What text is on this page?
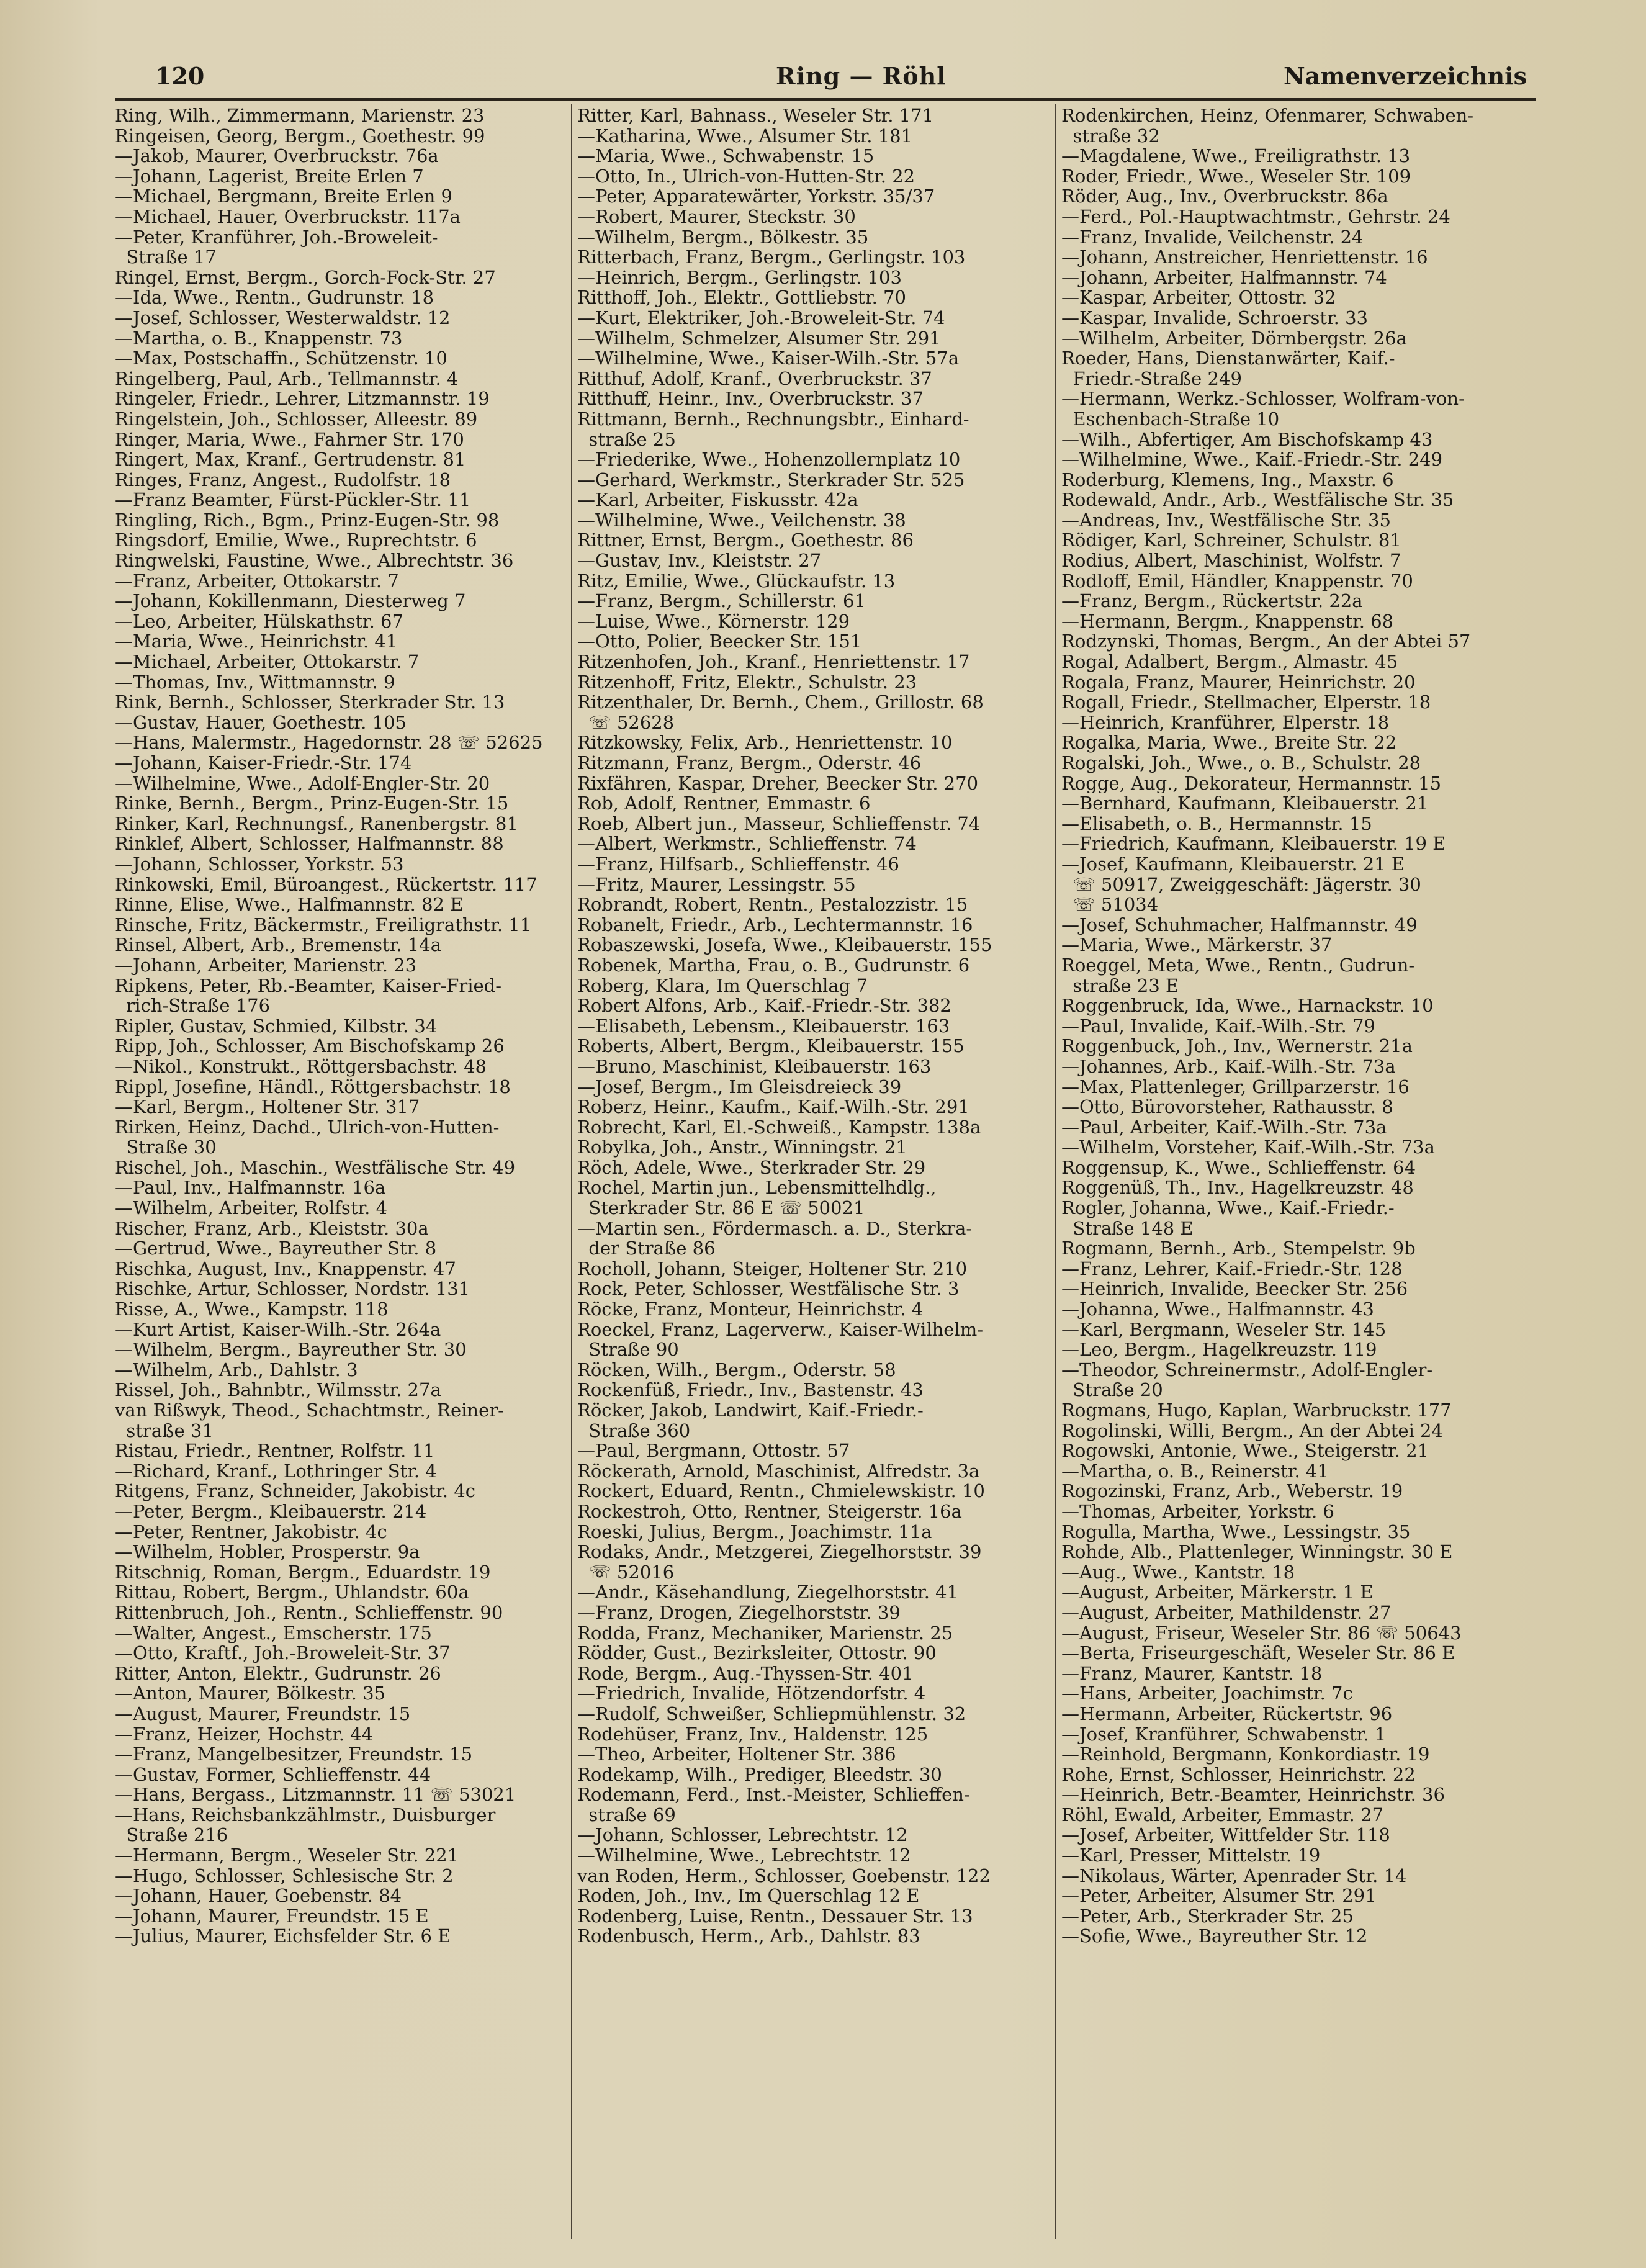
120	Ring — Röhl	Namenverzeichnis
Ring, Wilh., Zimmermann, Marienstr. 23
Ringeisen, Georg, Bergm., Goethestr. 99
—Jakob, Maurer, Overbruckstr. 76a
—Johann, Lagerist, Breite Erlen 7
—Michael, Bergmann, Breite Erlen 9
—Michael, Hauer, Overbruckstr. 117a
—Peter, Kranführer, Joh.-Broweleit-
Straße 17
Ringel, Ernst, Bergm., Gorch-Fock-Str. 27
—Ida, Wwe., Rentn., Gudrunstr. 18
—Josef, Schlosser, Westerwaldstr. 12
—Martha, o. B., Knappenstr. 73
—Max, Postschaffn., Schützenstr. 10
Ringelberg, Paul, Arb., Tellmannstr. 4
Ringeler, Friedr., Lehrer, Litzmannstr. 19
Ringelstein, Joh., Schlosser, Alleestr. 89
Ringer, Maria, Wwe., Fahrner Str. 170
Ringert, Max, Kranf., Gertrudenstr. 81
Ringes, Franz, Angest., Rudolfstr. 18
—Franz Beamter, Fürst-Pückler-Str. 11
Ringling, Rich., Bgm., Prinz-Eugen-Str. 98
Ringsdorf, Emilie, Wwe., Ruprechtstr. 6
Ringwelski, Faustine, Wwe., Albrechtstr. 36
—Franz, Arbeiter, Ottokarstr. 7
—Johann, Kokillenmann, Diesterweg 7
—Leo, Arbeiter, Hülskathstr. 67
—Maria, Wwe., Heinrichstr. 41
—Michael, Arbeiter, Ottokarstr. 7
—Thomas, Inv., Wittmannstr. 9
Rink, Bernh., Schlosser, Sterkrader Str. 13
—Gustav, Hauer, Goethestr. 105
—Hans, Malermstr., Hagedornstr. 28 ☏ 52625
—Johann, Kaiser-Friedr.-Str. 174
—Wilhelmine, Wwe., Adolf-Engler-Str. 20
Rinke, Bernh., Bergm., Prinz-Eugen-Str. 15
Rinker, Karl, Rechnungsf., Ranenbergstr. 81
Rinklef, Albert, Schlosser, Halfmannstr. 88
—Johann, Schlosser, Yorkstr. 53
Rinkowski, Emil, Büroangest., Rückertstr. 117
Rinne, Elise, Wwe., Halfmannstr. 82 E
Rinsche, Fritz, Bäckermstr., Freiligrathstr. 11
Rinsel, Albert, Arb., Bremenstr. 14a
—Johann, Arbeiter, Marienstr. 23
Ripkens, Peter, Rb.-Beamter, Kaiser-Fried-
rich-Straße 176
Ripler, Gustav, Schmied, Kilbstr. 34
Ripp, Joh., Schlosser, Am Bischofskamp 26
—Nikol., Konstrukt., Röttgersbachstr. 48
Rippl, Josefine, Händl., Röttgersbachstr. 18
—Karl, Bergm., Holtener Str. 317
Rirken, Heinz, Dachd., Ulrich-von-Hutten-
Straße 30
Rischel, Joh., Maschin., Westfälische Str. 49
—Paul, Inv., Halfmannstr. 16a
—Wilhelm, Arbeiter, Rolfstr. 4
Rischer, Franz, Arb., Kleiststr. 30a
—Gertrud, Wwe., Bayreuther Str. 8
Rischka, August, Inv., Knappenstr. 47
Rischke, Artur, Schlosser, Nordstr. 131
Risse, A., Wwe., Kampstr. 118
—Kurt Artist, Kaiser-Wilh.-Str. 264a
—Wilhelm, Bergm., Bayreuther Str. 30
—Wilhelm, Arb., Dahlstr. 3
Rissel, Joh., Bahnbtr., Wilmsstr. 27a
van Rißwyk, Theod., Schachtmstr., Reiner-
straße 31
Ristau, Friedr., Rentner, Rolfstr. 11
—Richard, Kranf., Lothringer Str. 4
Ritgens, Franz, Schneider, Jakobistr. 4c
—Peter, Bergm., Kleibauerstr. 214
—Peter, Rentner, Jakobistr. 4c
—Wilhelm, Hobler, Prosperstr. 9a
Ritschnig, Roman, Bergm., Eduardstr. 19
Rittau, Robert, Bergm., Uhlandstr. 60a
Rittenbruch, Joh., Rentn., Schlieffenstr. 90
—Walter, Angest., Emscherstr. 175
—Otto, Kraftf., Joh.-Broweleit-Str. 37
Ritter, Anton, Elektr., Gudrunstr. 26
—Anton, Maurer, Bölkestr. 35
—August, Maurer, Freundstr. 15
—Franz, Heizer, Hochstr. 44
—Franz, Mangelbesitzer, Freundstr. 15
—Gustav, Former, Schlieffenstr. 44
—Hans, Bergass., Litzmannstr. 11 ☏ 53021
—Hans, Reichsbankzählmstr., Duisburger
Straße 216
—Hermann, Bergm., Weseler Str. 221
—Hugo, Schlosser, Schlesische Str. 2
—Johann, Hauer, Goebenstr. 84
—Johann, Maurer, Freundstr. 15 E
—Julius, Maurer, Eichsfelder Str. 6 E
Ritter, Karl, Bahnass., Weseler Str. 171
—Katharina, Wwe., Alsumer Str. 181
—Maria, Wwe., Schwabenstr. 15
—Otto, In., Ulrich-von-Hutten-Str. 22
—Peter, Apparatewärter, Yorkstr. 35/37
—Robert, Maurer, Steckstr. 30
—Wilhelm, Bergm., Bölkestr. 35
Ritterbach, Franz, Bergm., Gerlingstr. 103
—Heinrich, Bergm., Gerlingstr. 103
Ritthoff, Joh., Elektr., Gottliebstr. 70
—Kurt, Elektriker, Joh.-Broweleit-Str. 74
—Wilhelm, Schmelzer, Alsumer Str. 291
—Wilhelmine, Wwe., Kaiser-Wilh.-Str. 57a
Ritthuf, Adolf, Kranf., Overbruckstr. 37
Ritthuff, Heinr., Inv., Overbruckstr. 37
Rittmann, Bernh., Rechnungsbtr., Einhard-
straße 25
—Friederike, Wwe., Hohenzollernplatz 10
—Gerhard, Werkmstr., Sterkrader Str. 525
—Karl, Arbeiter, Fiskusstr. 42a
—Wilhelmine, Wwe., Veilchenstr. 38
Rittner, Ernst, Bergm., Goethestr. 86
—Gustav, Inv., Kleiststr. 27
Ritz, Emilie, Wwe., Glückaufstr. 13
—Franz, Bergm., Schillerstr. 61
—Luise, Wwe., Körnerstr. 129
—Otto, Polier, Beecker Str. 151
Ritzenhofen, Joh., Kranf., Henriettenstr. 17
Ritzenhoff, Fritz, Elektr., Schulstr. 23
Ritzenthaler, Dr. Bernh., Chem., Grillostr. 68
☏ 52628
Ritzkowsky, Felix, Arb., Henriettenstr. 10
Ritzmann, Franz, Bergm., Oderstr. 46
Rixfähren, Kaspar, Dreher, Beecker Str. 270
Rob, Adolf, Rentner, Emmastr. 6
Roeb, Albert jun., Masseur, Schlieffenstr. 74
—Albert, Werkmstr., Schlieffenstr. 74
—Franz, Hilfsarb., Schlieffenstr. 46
—Fritz, Maurer, Lessingstr. 55
Robrandt, Robert, Rentn., Pestalozzistr. 15
Robanelt, Friedr., Arb., Lechtermannstr. 16
Robaszewski, Josefa, Wwe., Kleibauerstr. 155
Robenek, Martha, Frau, o. B., Gudrunstr. 6
Roberg, Klara, Im Querschlag 7
Robert Alfons, Arb., Kaif.-Friedr.-Str. 382
—Elisabeth, Lebensm., Kleibauerstr. 163
Roberts, Albert, Bergm., Kleibauerstr. 155
—Bruno, Maschinist, Kleibauerstr. 163
—Josef, Bergm., Im Gleisdreieck 39
Roberz, Heinr., Kaufm., Kaif.-Wilh.-Str. 291
Robrecht, Karl, El.-Schweiß., Kampstr. 138a
Robylka, Joh., Anstr., Winningstr. 21
Röch, Adele, Wwe., Sterkrader Str. 29
Rochel, Martin jun., Lebensmittelhdlg.,
Sterkrader Str. 86 E ☏ 50021
—Martin sen., Fördermasch. a. D., Sterkra-
der Straße 86
Rocholl, Johann, Steiger, Holtener Str. 210
Rock, Peter, Schlosser, Westfälische Str. 3
Röcke, Franz, Monteur, Heinrichstr. 4
Roeckel, Franz, Lagerverw., Kaiser-Wilhelm-
Straße 90
Röcken, Wilh., Bergm., Oderstr. 58
Rockenfüß, Friedr., Inv., Bastenstr. 43
Röcker, Jakob, Landwirt, Kaif.-Friedr.-
Straße 360
—Paul, Bergmann, Ottostr. 57
Röckerath, Arnold, Maschinist, Alfredstr. 3a
Rockert, Eduard, Rentn., Chmielewskistr. 10
Rockestroh, Otto, Rentner, Steigerstr. 16a
Roeski, Julius, Bergm., Joachimstr. 11a
Rodaks, Andr., Metzgerei, Ziegelhorststr. 39
☏ 52016
—Andr., Käsehandlung, Ziegelhorststr. 41
—Franz, Drogen, Ziegelhorststr. 39
Rodda, Franz, Mechaniker, Marienstr. 25
Rödder, Gust., Bezirksleiter, Ottostr. 90
Rode, Bergm., Aug.-Thyssen-Str. 401
—Friedrich, Invalide, Hötzendorfstr. 4
—Rudolf, Schweißer, Schliepmühlenstr. 32
Rodehüser, Franz, Inv., Haldenstr. 125
—Theo, Arbeiter, Holtener Str. 386
Rodekamp, Wilh., Prediger, Bleedstr. 30
Rodemann, Ferd., Inst.-Meister, Schlieffen-
straße 69
—Johann, Schlosser, Lebrechtstr. 12
—Wilhelmine, Wwe., Lebrechtstr. 12
van Roden, Herm., Schlosser, Goebenstr. 122
Roden, Joh., Inv., Im Querschlag 12 E
Rodenberg, Luise, Rentn., Dessauer Str. 13
Rodenbusch, Herm., Arb., Dahlstr. 83
Rodenkirchen, Heinz, Ofenmarer, Schwaben-
straße 32
—Magdalene, Wwe., Freiligrathstr. 13
Roder, Friedr., Wwe., Weseler Str. 109
Röder, Aug., Inv., Overbruckstr. 86a
—Ferd., Pol.-Hauptwachtmstr., Gehrstr. 24
—Franz, Invalide, Veilchenstr. 24
—Johann, Anstreicher, Henriettenstr. 16
—Johann, Arbeiter, Halfmannstr. 74
—Kaspar, Arbeiter, Ottostr. 32
—Kaspar, Invalide, Schroerstr. 33
—Wilhelm, Arbeiter, Dörnbergstr. 26a
Roeder, Hans, Dienstanwärter, Kaif.-
Friedr.-Straße 249
—Hermann, Werkz.-Schlosser, Wolfram-von-
Eschenbach-Straße 10
—Wilh., Abfertiger, Am Bischofskamp 43
—Wilhelmine, Wwe., Kaif.-Friedr.-Str. 249
Roderburg, Klemens, Ing., Maxstr. 6
Rodewald, Andr., Arb., Westfälische Str. 35
—Andreas, Inv., Westfälische Str. 35
Rödiger, Karl, Schreiner, Schulstr. 81
Rodius, Albert, Maschinist, Wolfstr. 7
Rodloff, Emil, Händler, Knappenstr. 70
—Franz, Bergm., Rückertstr. 22a
—Hermann, Bergm., Knappenstr. 68
Rodzynski, Thomas, Bergm., An der Abtei 57
Rogal, Adalbert, Bergm., Almastr. 45
Rogala, Franz, Maurer, Heinrichstr. 20
Rogall, Friedr., Stellmacher, Elperstr. 18
—Heinrich, Kranführer, Elperstr. 18
Rogalka, Maria, Wwe., Breite Str. 22
Rogalski, Joh., Wwe., o. B., Schulstr. 28
Rogge, Aug., Dekorateur, Hermannstr. 15
—Bernhard, Kaufmann, Kleibauerstr. 21
—Elisabeth, o. B., Hermannstr. 15
—Friedrich, Kaufmann, Kleibauerstr. 19 E
—Josef, Kaufmann, Kleibauerstr. 21 E
☏ 50917, Zweiggeschäft: Jägerstr. 30
☏ 51034
—Josef, Schuhmacher, Halfmannstr. 49
—Maria, Wwe., Märkerstr. 37
Roeggel, Meta, Wwe., Rentn., Gudrun-
straße 23 E
Roggenbruck, Ida, Wwe., Harnackstr. 10
—Paul, Invalide, Kaif.-Wilh.-Str. 79
Roggenbuck, Joh., Inv., Wernerstr. 21a
—Johannes, Arb., Kaif.-Wilh.-Str. 73a
—Max, Plattenleger, Grillparzerstr. 16
—Otto, Bürovorsteher, Rathausstr. 8
—Paul, Arbeiter, Kaif.-Wilh.-Str. 73a
—Wilhelm, Vorsteher, Kaif.-Wilh.-Str. 73a
Roggensup, K., Wwe., Schlieffenstr. 64
Roggenüß, Th., Inv., Hagelkreuzstr. 48
Rogler, Johanna, Wwe., Kaif.-Friedr.-
Straße 148 E
Rogmann, Bernh., Arb., Stempelstr. 9b
—Franz, Lehrer, Kaif.-Friedr.-Str. 128
—Heinrich, Invalide, Beecker Str. 256
—Johanna, Wwe., Halfmannstr. 43
—Karl, Bergmann, Weseler Str. 145
—Leo, Bergm., Hagelkreuzstr. 119
—Theodor, Schreinermstr., Adolf-Engler-
Straße 20
Rogmans, Hugo, Kaplan, Warbruckstr. 177
Rogolinski, Willi, Bergm., An der Abtei 24
Rogowski, Antonie, Wwe., Steigerstr. 21
—Martha, o. B., Reinerstr. 41
Rogozinski, Franz, Arb., Weberstr. 19
—Thomas, Arbeiter, Yorkstr. 6
Rogulla, Martha, Wwe., Lessingstr. 35
Rohde, Alb., Plattenleger, Winningstr. 30 E
—Aug., Wwe., Kantstr. 18
—August, Arbeiter, Märkerstr. 1 E
—August, Arbeiter, Mathildenstr. 27
—August, Friseur, Weseler Str. 86 ☏ 50643
—Berta, Friseurgeschäft, Weseler Str. 86 E
—Franz, Maurer, Kantstr. 18
—Hans, Arbeiter, Joachimstr. 7c
—Hermann, Arbeiter, Rückertstr. 96
—Josef, Kranführer, Schwabenstr. 1
—Reinhold, Bergmann, Konkordiastr. 19
Rohe, Ernst, Schlosser, Heinrichstr. 22
—Heinrich, Betr.-Beamter, Heinrichstr. 36
Röhl, Ewald, Arbeiter, Emmastr. 27
—Josef, Arbeiter, Wittfelder Str. 118
—Karl, Presser, Mittelstr. 19
—Nikolaus, Wärter, Apenrader Str. 14
—Peter, Arbeiter, Alsumer Str. 291
—Peter, Arb., Sterkrader Str. 25
—Sofie, Wwe., Bayreuther Str. 12
